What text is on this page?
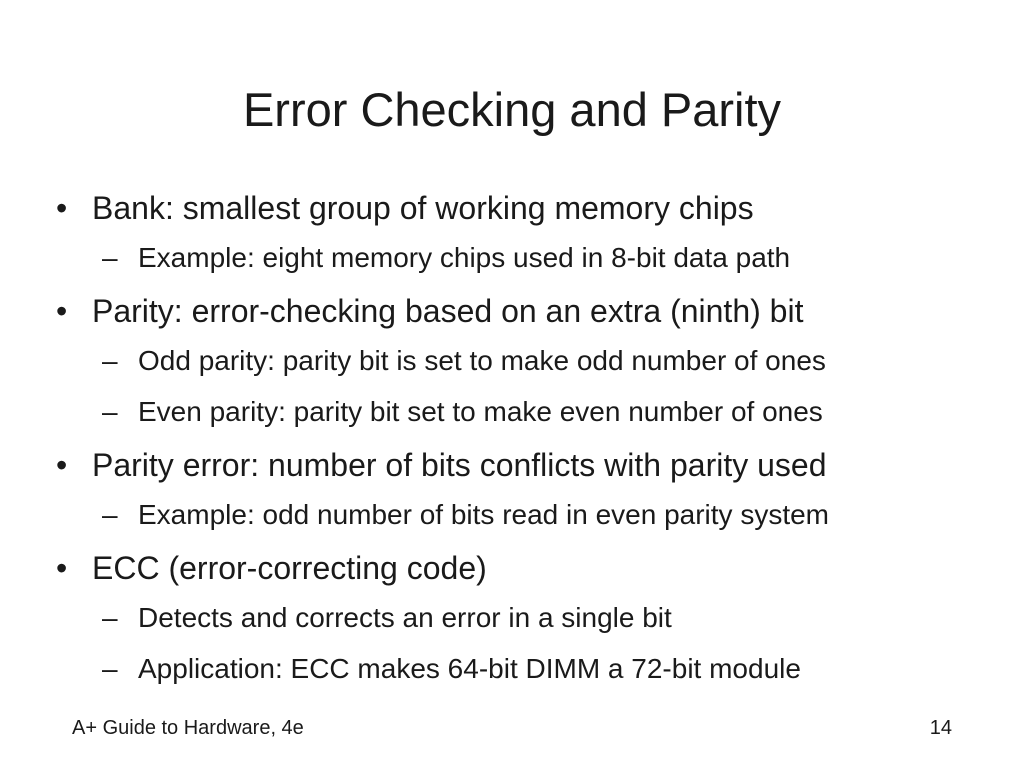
Error Checking and Parity
• Bank: smallest group of working memory chips
– Example: eight memory chips used in 8-bit data path
• Parity: error-checking based on an extra (ninth) bit
– Odd parity: parity bit is set to make odd number of ones
– Even parity: parity bit set to make even number of ones
• Parity error: number of bits conflicts with parity used
– Example: odd number of bits read in even parity system
• ECC (error-correcting code)
– Detects and corrects an error in a single bit
– Application: ECC makes 64-bit DIMM a 72-bit module
A+ Guide to Hardware, 4e	14
